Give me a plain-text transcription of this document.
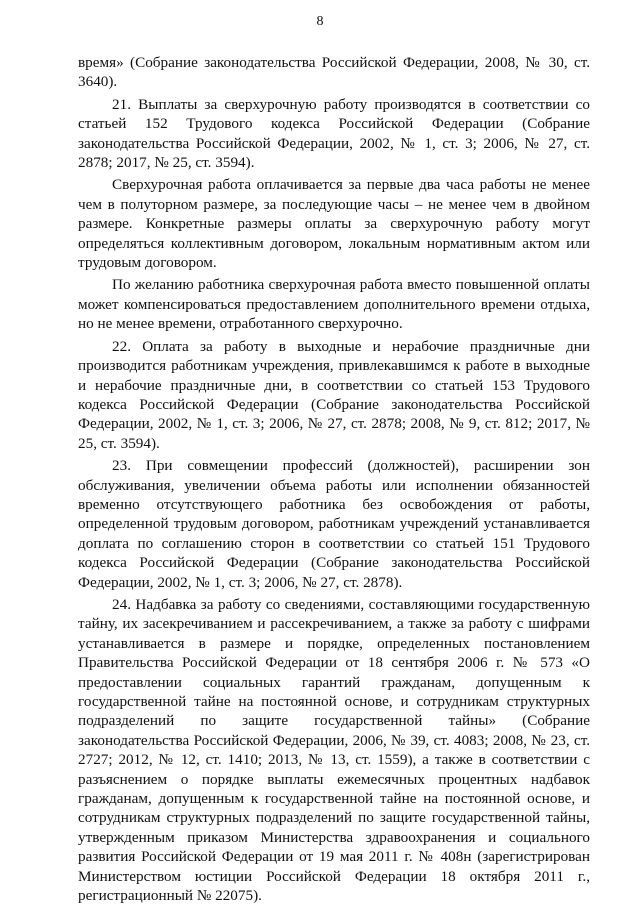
8

время» (Собрание законодательства Российской Федерации, 2008, № 30, ст. 3640).

21. Выплаты за сверхурочную работу производятся в соответствии со статьей 152 Трудового кодекса Российской Федерации (Собрание законодательства Российской Федерации, 2002, № 1, ст. 3; 2006, № 27, ст. 2878; 2017, № 25, ст. 3594).

Сверхурочная работа оплачивается за первые два часа работы не менее чем в полуторном размере, за последующие часы – не менее чем в двойном размере. Конкретные размеры оплаты за сверхурочную работу могут определяться коллективным договором, локальным нормативным актом или трудовым договором.

По желанию работника сверхурочная работа вместо повышенной оплаты может компенсироваться предоставлением дополнительного времени отдыха, но не менее времени, отработанного сверхурочно.

22. Оплата за работу в выходные и нерабочие праздничные дни производится работникам учреждения, привлекавшимся к работе в выходные и нерабочие праздничные дни, в соответствии со статьей 153 Трудового кодекса Российской Федерации (Собрание законодательства Российской Федерации, 2002, № 1, ст. 3; 2006, № 27, ст. 2878; 2008, № 9, ст. 812; 2017, № 25, ст. 3594).

23. При совмещении профессий (должностей), расширении зон обслуживания, увеличении объема работы или исполнении обязанностей временно отсутствующего работника без освобождения от работы, определенной трудовым договором, работникам учреждений устанавливается доплата по соглашению сторон в соответствии со статьей 151 Трудового кодекса Российской Федерации (Собрание законодательства Российской Федерации, 2002, № 1, ст. 3; 2006, № 27, ст. 2878).

24. Надбавка за работу со сведениями, составляющими государственную тайну, их засекречиванием и рассекречиванием, а также за работу с шифрами устанавливается в размере и порядке, определенных постановлением Правительства Российской Федерации от 18 сентября 2006 г. № 573 «О предоставлении социальных гарантий гражданам, допущенным к государственной тайне на постоянной основе, и сотрудникам структурных подразделений по защите государственной тайны» (Собрание законодательства Российской Федерации, 2006, № 39, ст. 4083; 2008, № 23, ст. 2727; 2012, № 12, ст. 1410; 2013, № 13, ст. 1559), а также в соответствии с разъяснением о порядке выплаты ежемесячных процентных надбавок гражданам, допущенным к государственной тайне на постоянной основе, и сотрудникам структурных подразделений по защите государственной тайны, утвержденным приказом Министерства здравоохранения и социального развития Российской Федерации от 19 мая 2011 г. № 408н (зарегистрирован Министерством юстиции Российской Федерации 18 октября 2011 г., регистрационный № 22075).
